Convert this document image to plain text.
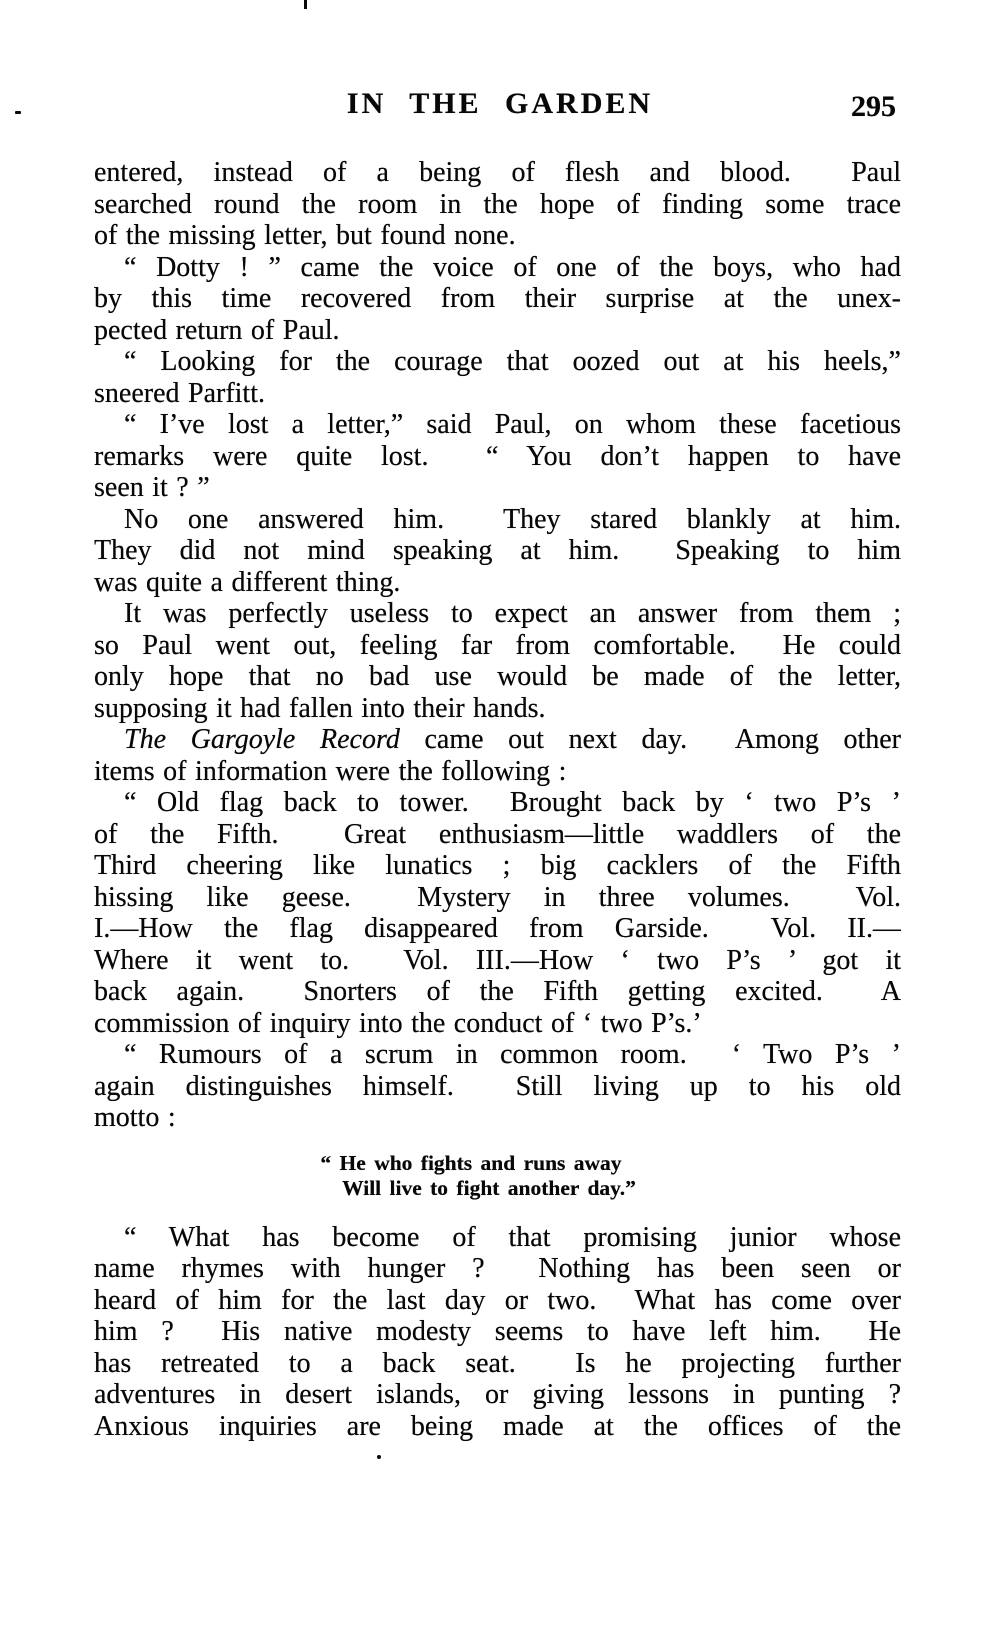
IN THE GARDEN	295
entered, instead of a being of flesh and blood.  Paul
searched round the room in the hope of finding some trace
of the missing letter, but found none.
“ Dotty ! ” came the voice of one of the boys, who had
by this time recovered from their surprise at the unex-
pected return of Paul.
“ Looking for the courage that oozed out at his heels,”
sneered Parfitt.
“ I’ve lost a letter,” said Paul, on whom these facetious
remarks were quite lost.  “ You don’t happen to have
seen it ? ”
No one answered him.  They stared blankly at him.
They did not mind speaking at him.  Speaking to him
was quite a different thing.
It was perfectly useless to expect an answer from them ;
so Paul went out, feeling far from comfortable.  He could
only hope that no bad use would be made of the letter,
supposing it had fallen into their hands.
The Gargoyle Record came out next day.  Among other
items of information were the following :
“ Old flag back to tower.  Brought back by ‘ two P’s ’
of the Fifth.  Great enthusiasm—little waddlers of the
Third cheering like lunatics ; big cacklers of the Fifth
hissing like geese.  Mystery in three volumes.  Vol.
I.—How the flag disappeared from Garside.  Vol. II.—
Where it went to.  Vol. III.—How ‘ two P’s ’ got it
back again.  Snorters of the Fifth getting excited.  A
commission of inquiry into the conduct of ‘ two P’s.’
“ Rumours of a scrum in common room.  ‘ Two P’s ’
again distinguishes himself.  Still living up to his old
motto :
“ He who fights and runs away
Will live to fight another day.”
“ What has become of that promising junior whose
name rhymes with hunger ?  Nothing has been seen or
heard of him for the last day or two.  What has come over
him ?  His native modesty seems to have left him.  He
has retreated to a back seat.  Is he projecting further
adventures in desert islands, or giving lessons in punting ?
Anxious inquiries are being made at the offices of the
